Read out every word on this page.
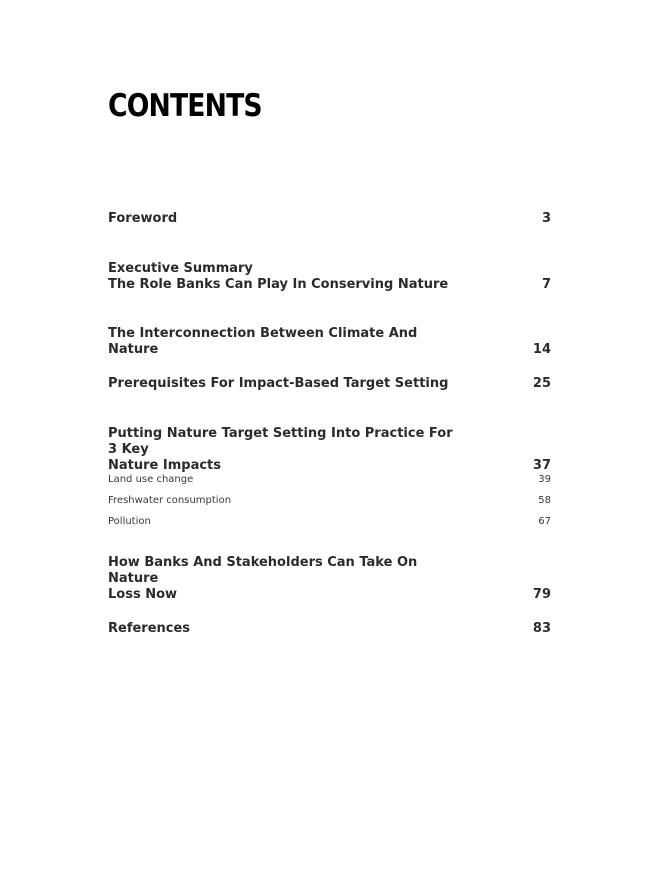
CONTENTS
Foreword	3
Executive Summary
The Role Banks Can Play In Conserving Nature	7
The Interconnection Between Climate And Nature	14
Prerequisites For Impact-Based Target Setting	25
Putting Nature Target Setting Into Practice For 3 Key
Nature Impacts	37
Land use change	39
Freshwater consumption	58
Pollution	67
How Banks And Stakeholders Can Take On Nature
Loss Now	79
References	83
